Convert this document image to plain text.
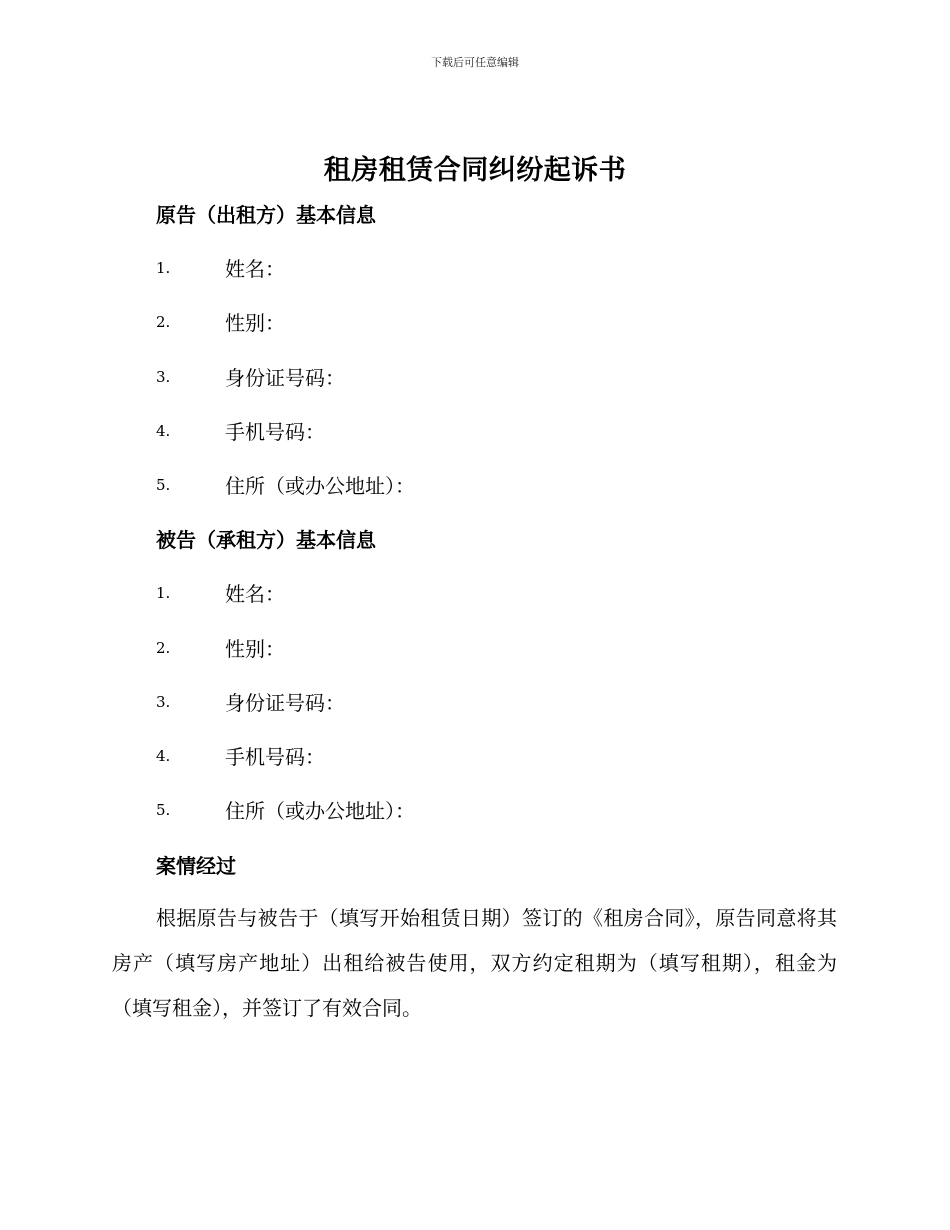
下载后可任意编辑
租房租赁合同纠纷起诉书
原告（出租方）基本信息
1.	姓名：
2.	性别：
3.	身份证号码：
4.	手机号码：
5.	住所（或办公地址）：
被告（承租方）基本信息
1.	姓名：
2.	性别：
3.	身份证号码：
4.	手机号码：
5.	住所（或办公地址）：
案情经过
根据原告与被告于（填写开始租赁日期）签订的《租房合同》，原告同意将其房产（填写房产地址）出租给被告使用，双方约定租期为（填写租期），租金为（填写租金），并签订了有效合同。
